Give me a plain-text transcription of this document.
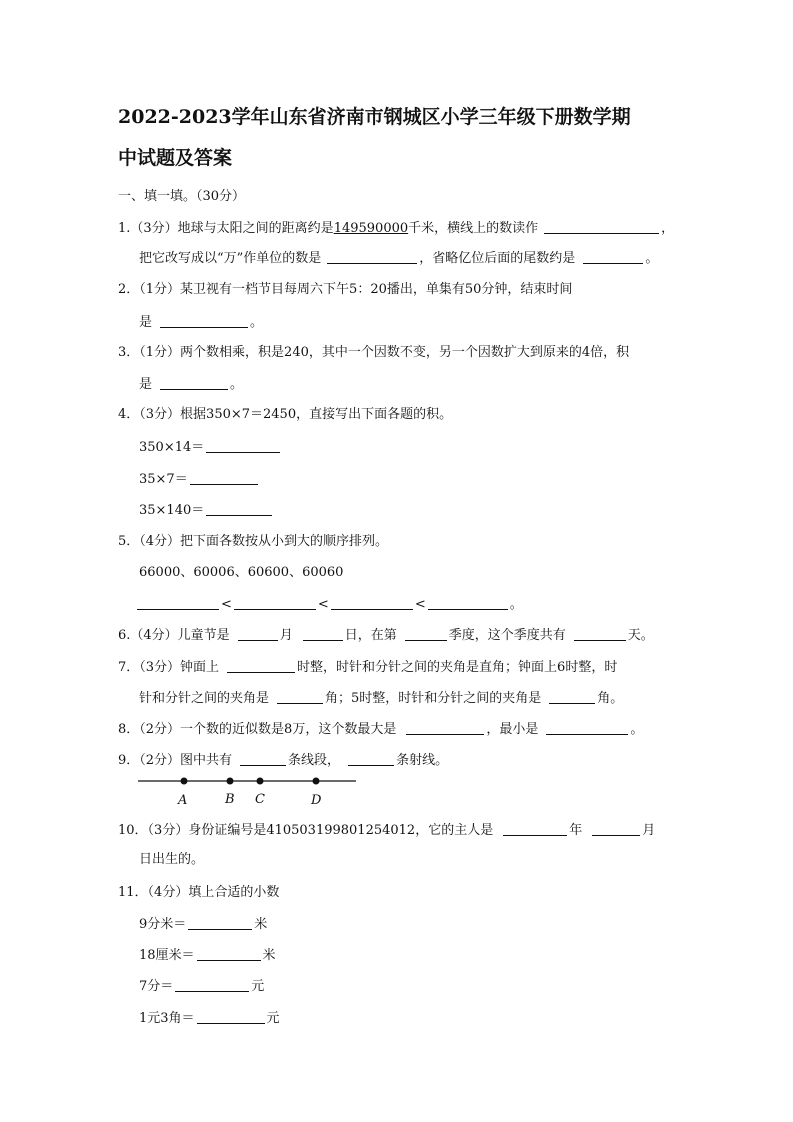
2022-2023学年山东省济南市钢城区小学三年级下册数学期
中试题及答案
一、填一填。（30分）
1.（3分）地球与太阳之间的距离约是149590000千米，横线上的数读作	，
把它改写成以“万”作单位的数是	，省略亿位后面的尾数约是	。
2．（1分）某卫视有一档节目每周六下午5：20播出，单集有50分钟，结束时间
是	。
3．（1分）两个数相乘，积是240，其中一个因数不变，另一个因数扩大到原来的4倍，积
是	。
4．（3分）根据350×7＝2450，直接写出下面各题的积。
350×14＝
35×7＝
35×140＝
5．（4分）把下面各数按从小到大的顺序排列。
66000、60006、60600、60060
<	<	<	。
6.（4分）儿童节是	月	日，在第	季度，这个季度共有	天。
7．（3分）钟面上	时整，时针和分针之间的夹角是直角；钟面上6时整，时
针和分针之间的夹角是	角；5时整，时针和分针之间的夹角是	角。
8．（2分）一个数的近似数是8万，这个数最大是	，最小是	。
9．（2分）图中共有	条线段，	条射线。
A	B C	D
10．（3分）身份证编号是410503199801254012，它的主人是	年	月
日出生的。
11．（4分）填上合适的小数
9分米＝	米
18厘米＝	米
7分＝	元
1元3角＝	元
